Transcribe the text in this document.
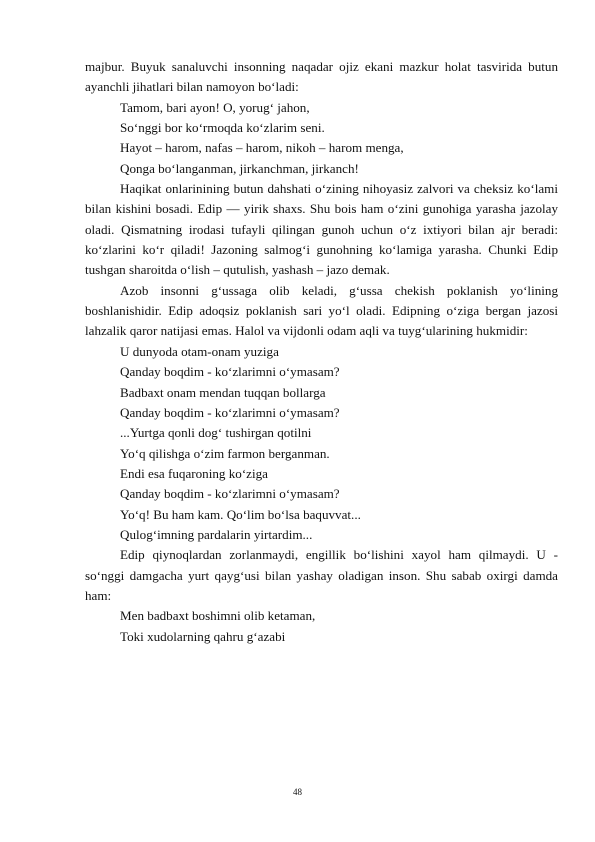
majbur. Buyuk sanaluvchi insonning naqadar ojiz ekani mazkur holat tasvirida butun ayanchli jihatlari bilan namoyon bo‘ladi:

Tamom, bari ayon! O, yorug‘ jahon,

So‘nggi bor ko‘rmoqda ko‘zlarim seni.

Hayot – harom, nafas – harom, nikoh – harom menga,

Qonga bo‘langanman, jirkanchman, jirkanch!

Haqikat onlarinining butun dahshati o‘zining nihoyasiz zalvori va cheksiz ko‘lami bilan kishini bosadi. Edip — yirik shaxs. Shu bois ham o‘zini gunohiga yarasha jazolay oladi. Qismatning irodasi tufayli qilingan gunoh uchun o‘z ixtiyori bilan ajr beradi: ko‘zlarini ko‘r qiladi! Jazoning salmog‘i gunohning ko‘lamiga yarasha. Chunki Edip tushgan sharoitda o‘lish – qutulish, yashash – jazo demak.

Azob insonni g‘ussaga olib keladi, g‘ussa chekish poklanish yo‘lining boshlanishidir. Edip adoqsiz poklanish sari yo‘l oladi. Edipning o‘ziga bergan jazosi lahzalik qaror natijasi emas. Halol va vijdonli odam aqli va tuyg‘ularining hukmidir:

U dunyoda otam-onam yuziga

Qanday boqdim - ko‘zlarimni o‘ymasam?

Badbaxt onam mendan tuqqan bollarga

Qanday boqdim - ko‘zlarimni o‘ymasam?

...Yurtga qonli dog‘ tushirgan qotilni

Yo‘q qilishga o‘zim farmon berganman.

Endi esa fuqaroning ko‘ziga

Qanday boqdim - ko‘zlarimni o‘ymasam?

Yo‘q! Bu ham kam. Qo‘lim bo‘lsa baquvvat...

Qulog‘imning pardalarin yirtardim...

Edip qiynoqlardan zorlanmaydi, engillik bo‘lishini xayol ham qilmaydi. U - so‘nggi damgacha yurt qayg‘usi bilan yashay oladigan inson. Shu sabab oxirgi damda ham:

Men badbaxt boshimni olib ketaman,

Toki xudolarning qahru g‘azabi

48
